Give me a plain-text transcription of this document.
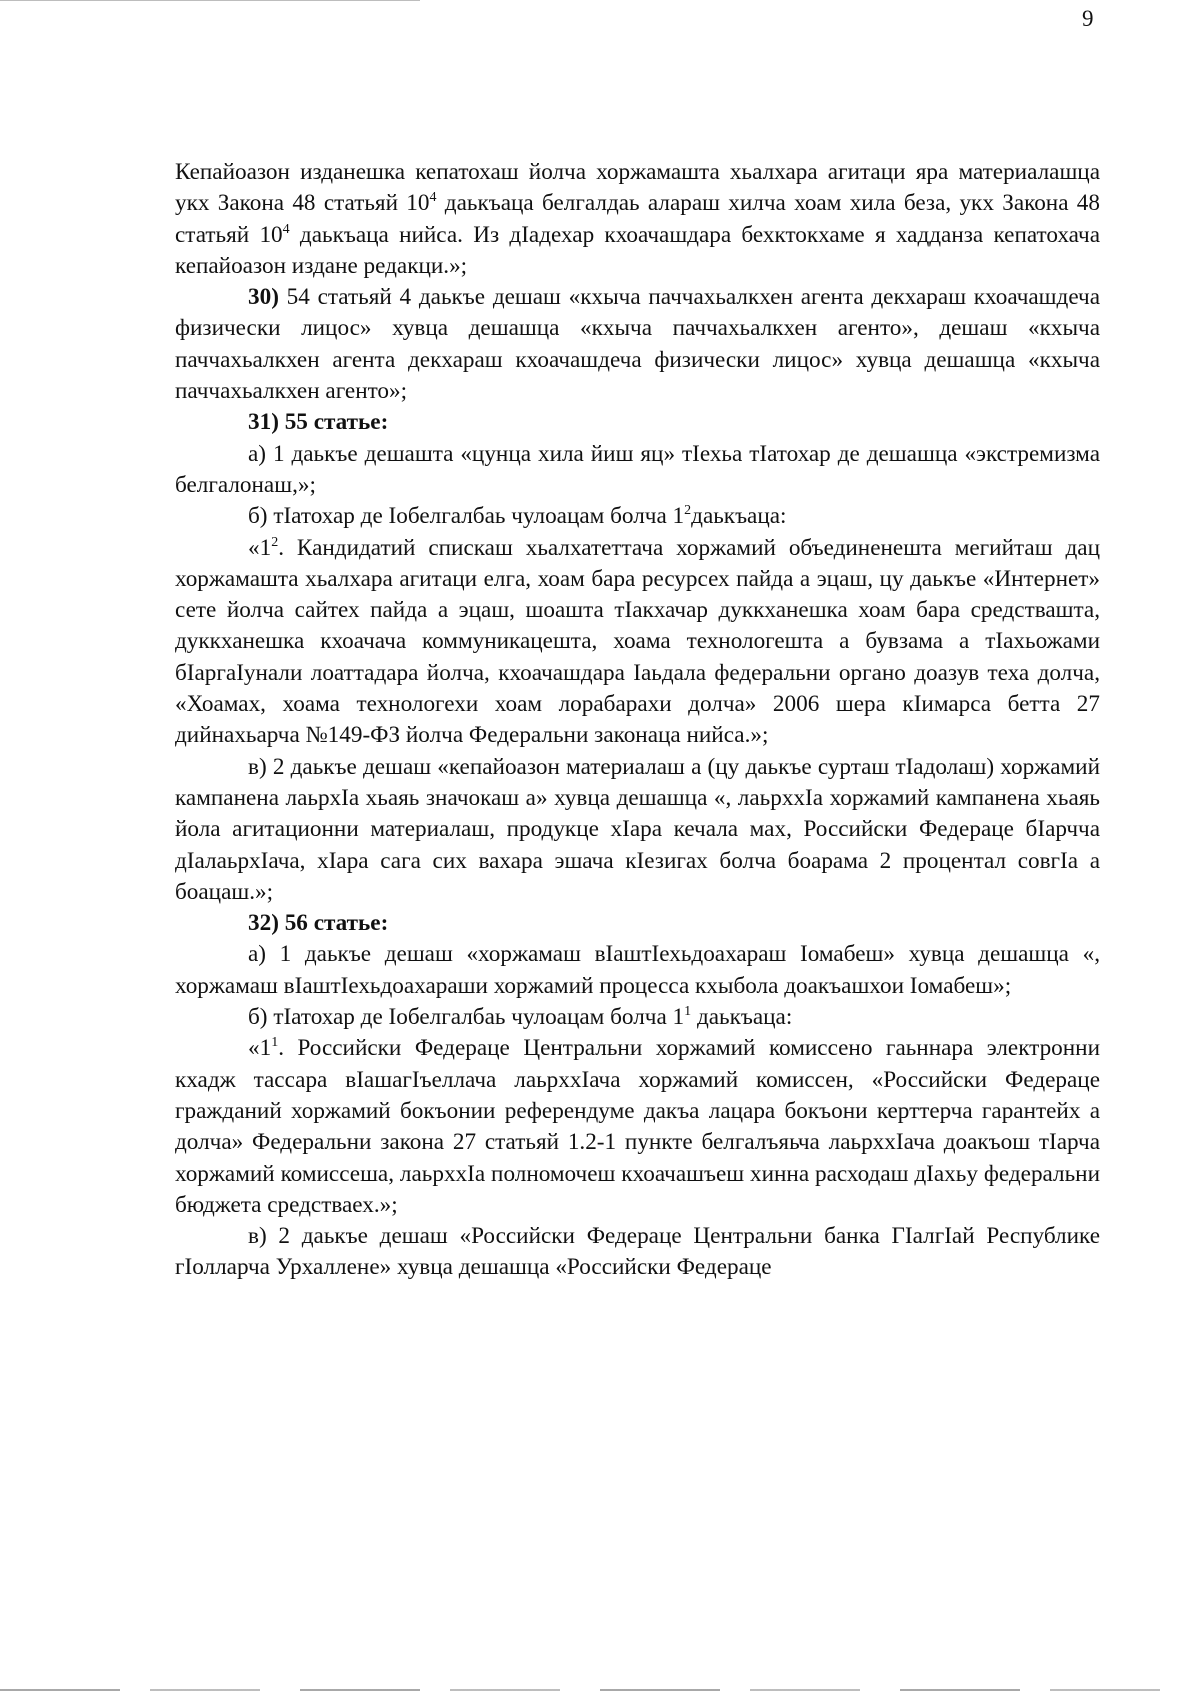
9

Кепайоазон изданешка кепатохаш йолча хоржамашта хьалхара агитаци яра материалашца укх Закона 48 статьяй $10^4$ даькъаца белгалдаь алараш хилча хоам хила беза, укх Закона 48 статьяй $10^4$ даькъаца нийса. Из дIадехар кхоачашдара бехктокхаме я хадданза кепатохача кепайоазон издане редакци.»;

30) 54 статьяй 4 даькъе дешаш «кхыча паччахьалкхен агента декхараш кхоачашдеча физически лицос» хувца дешашца «кхыча паччахьалкхен агенто», дешаш «кхыча паччахьалкхен агента декхараш кхоачашдеча физически лицос» хувца дешашца «кхыча паччахьалкхен агенто»;

31) 55 статье:

а) 1 даькъе дешашта «цунца хила йиш яц» тIехьа тIатохар де дешашца «экстремизма белгалонаш,»;

б) тIатохар де Iобелгалбаь чулоацам болча $1^2даькъаца$:

«$1^2$. Кандидатий спискаш хьалхатеттача хоржамий объединенешта мегийташ дац хоржамашта хьалхара агитаци елга, хоам бара ресурсех пайда а эцаш, цу даькъе «Интернет» сете йолча сайтех пайда а эцаш, шоашта тIакхачар дуккханешка хоам бара средствашта, дуккханешка кхоачача коммуникацешта, хоама технологешта а бувзама а тIахьожами бIаргаIунали лоаттадара йолча, кхоачашдара Iаьдала федеральни органо доазув теха долча, «Хоамах, хоама технологехи хоам лорабарахи долча» 2006 шера кIимарса бетта 27 дийнахьарча №149-ФЗ йолча Федеральни законаца нийса.»;

в) 2 даькъе дешаш «кепайоазон материалаш а (цу даькъе сурташ тIадолаш) хоржамий кампанена лаьрхIа хьаяь значокаш а» хувца дешашца «, лаьрххIа хоржамий кампанена хьаяь йола агитационни материалаш, продукце хIара кечала мах, Российски Федераце бIарчча дIалаьрхIача, хIара сага сих вахара эшача кIезигах болча боарама 2 процентал совгIа а боацаш.»;

32) 56 статье:

а) 1 даькъе дешаш «хоржамаш вIаштIехьдоахараш Iомабеш» хувца дешашца «, хоржамаш вIаштIехьдоахараши хоржамий процесса кхыбола доакъашхои Iомабеш»;

б) тIатохар де Iобелгалбаь чулоацам болча $1^1$ даькъаца:

«$1^1$. Российски Федераце Центральни хоржамий комиссено гаьннара электронни кхадж тассара вIашагIъеллача лаьрххIача хоржамий комиссен, «Российски Федераце гражданий хоржамий бокъонии референдуме дакъа лацара бокъони керттерча гарантейх а долча» Федеральни закона 27 статьяй 1.2-1 пункте белгалъяьча лаьрххIача доакъош тIарча хоржамий комиссеша, лаьрххIа полномочеш кхоачашъеш хинна расходаш дIахьу федеральни бюджета средстваех.»;

в) 2 даькъе дешаш «Российски Федераце Центральни банка ГIалгIай Республике гIолларча Урхаллене» хувца дешашца «Российски Федераце
